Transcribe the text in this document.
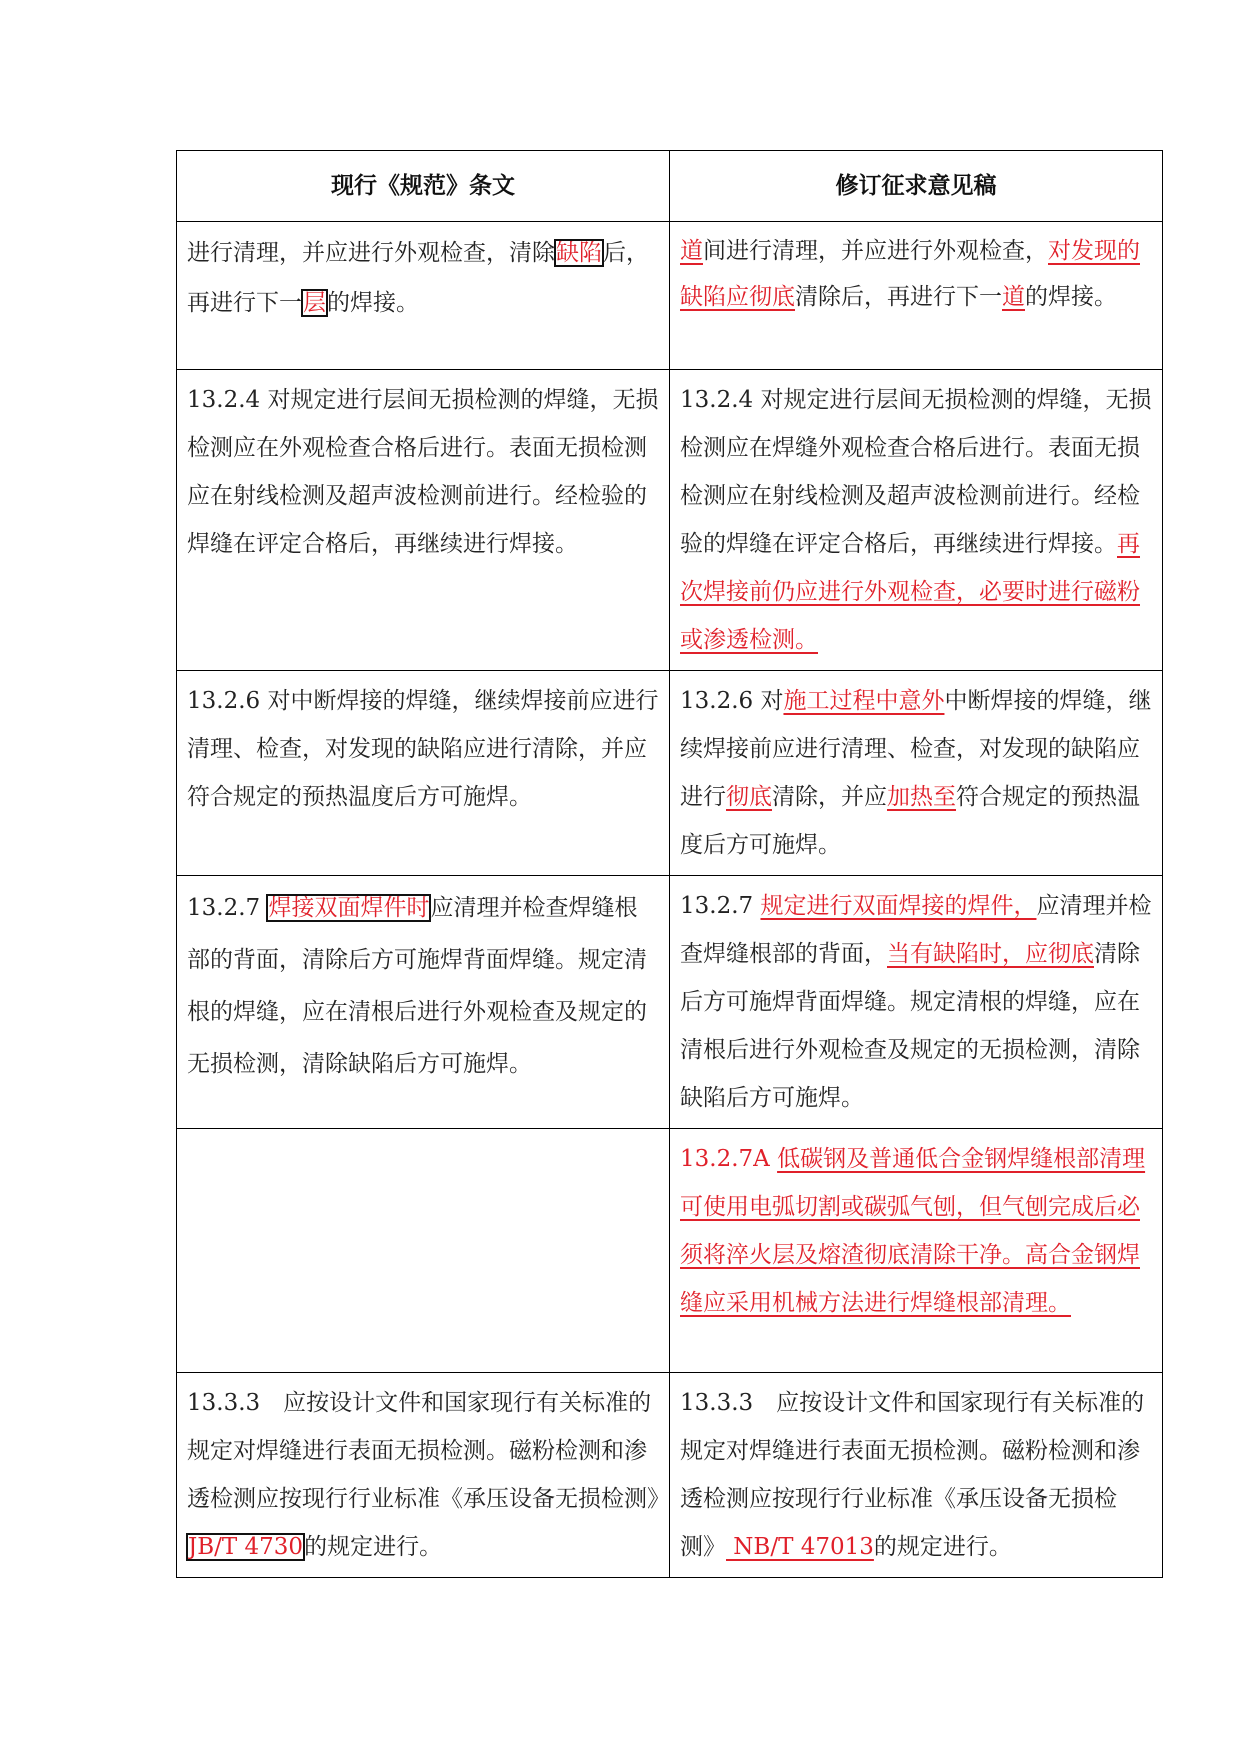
现行《规范》条文	修订征求意见稿
进行清理，并应进行外观检查，清除缺陷后，再进行下一层的焊接。	道间进行清理，并应进行外观检查，对发现的缺陷应彻底清除后，再进行下一道的焊接。
13.2.4 对规定进行层间无损检测的焊缝，无损检测应在外观检查合格后进行。表面无损检测应在射线检测及超声波检测前进行。经检验的焊缝在评定合格后，再继续进行焊接。	13.2.4 对规定进行层间无损检测的焊缝，无损检测应在焊缝外观检查合格后进行。表面无损检测应在射线检测及超声波检测前进行。经检验的焊缝在评定合格后，再继续进行焊接。再次焊接前仍应进行外观检查，必要时进行磁粉或渗透检测。
13.2.6 对中断焊接的焊缝，继续焊接前应进行清理、检查，对发现的缺陷应进行清除，并应符合规定的预热温度后方可施焊。	13.2.6 对施工过程中意外中断焊接的焊缝，继续焊接前应进行清理、检查，对发现的缺陷应进行彻底清除，并应加热至符合规定的预热温度后方可施焊。
13.2.7 焊接双面焊件时应清理并检查焊缝根部的背面，清除后方可施焊背面焊缝。规定清根的焊缝，应在清根后进行外观检查及规定的无损检测，清除缺陷后方可施焊。	13.2.7 规定进行双面焊接的焊件，应清理并检查焊缝根部的背面，当有缺陷时，应彻底清除后方可施焊背面焊缝。规定清根的焊缝，应在清根后进行外观检查及规定的无损检测，清除缺陷后方可施焊。
	13.2.7A 低碳钢及普通低合金钢焊缝根部清理可使用电弧切割或碳弧气刨，但气刨完成后必须将淬火层及熔渣彻底清除干净。高合金钢焊缝应采用机械方法进行焊缝根部清理。
13.3.3　应按设计文件和国家现行有关标准的规定对焊缝进行表面无损检测。磁粉检测和渗透检测应按现行行业标准《承压设备无损检测》JB/T 4730的规定进行。	13.3.3　应按设计文件和国家现行有关标准的规定对焊缝进行表面无损检测。磁粉检测和渗透检测应按现行行业标准《承压设备无损检测》 NB/T 47013的规定进行。
